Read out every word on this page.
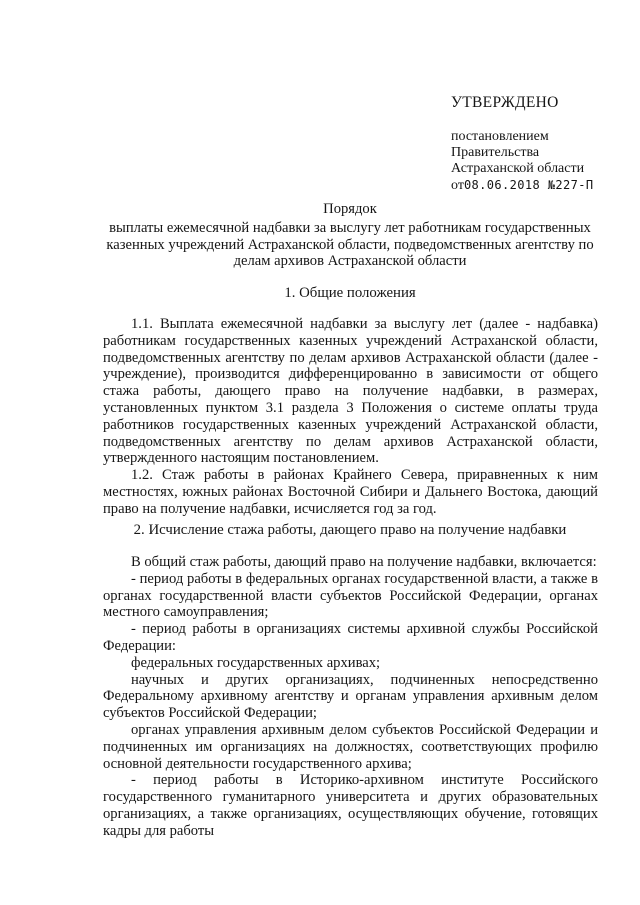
УТВЕРЖДЕНО
постановлением
Правительства
Астраханской области
от08.06.2018 №227-П
Порядок
выплаты ежемесячной надбавки за выслугу лет работникам государственных казенных учреждений Астраханской области, подведомственных агентству по делам архивов Астраханской области
1. Общие положения

1.1. Выплата ежемесячной надбавки за выслугу лет (далее - надбавка) работникам государственных казенных учреждений Астраханской области, подведомственных агентству по делам архивов Астраханской области (далее - учреждение), производится дифференцированно в зависимости от общего стажа работы, дающего право на получение надбавки, в размерах, установленных пунктом 3.1 раздела 3 Положения о системе оплаты труда работников государственных казенных учреждений Астраханской области, подведомственных агентству по делам архивов Астраханской области, утвержденного настоящим постановлением.

1.2. Стаж работы в районах Крайнего Севера, приравненных к ним местностях, южных районах Восточной Сибири и Дальнего Востока, дающий право на получение надбавки, исчисляется год за год.

2. Исчисление стажа работы, дающего право на получение надбавки

В общий стаж работы, дающий право на получение надбавки, включается:

- период работы в федеральных органах государственной власти, а также в органах государственной власти субъектов Российской Федерации, органах местного самоуправления;

- период работы в организациях системы архивной службы Российской Федерации:

федеральных государственных архивах;

научных и других организациях, подчиненных непосредственно Федеральному архивному агентству и органам управления архивным делом субъектов Российской Федерации;

органах управления архивным делом субъектов Российской Федерации и подчиненных им организациях на должностях, соответствующих профилю основной деятельности государственного архива;

- период работы в Историко-архивном институте Российского государственного гуманитарного университета и других образовательных организациях, а также организациях, осуществляющих обучение, готовящих кадры для работы
